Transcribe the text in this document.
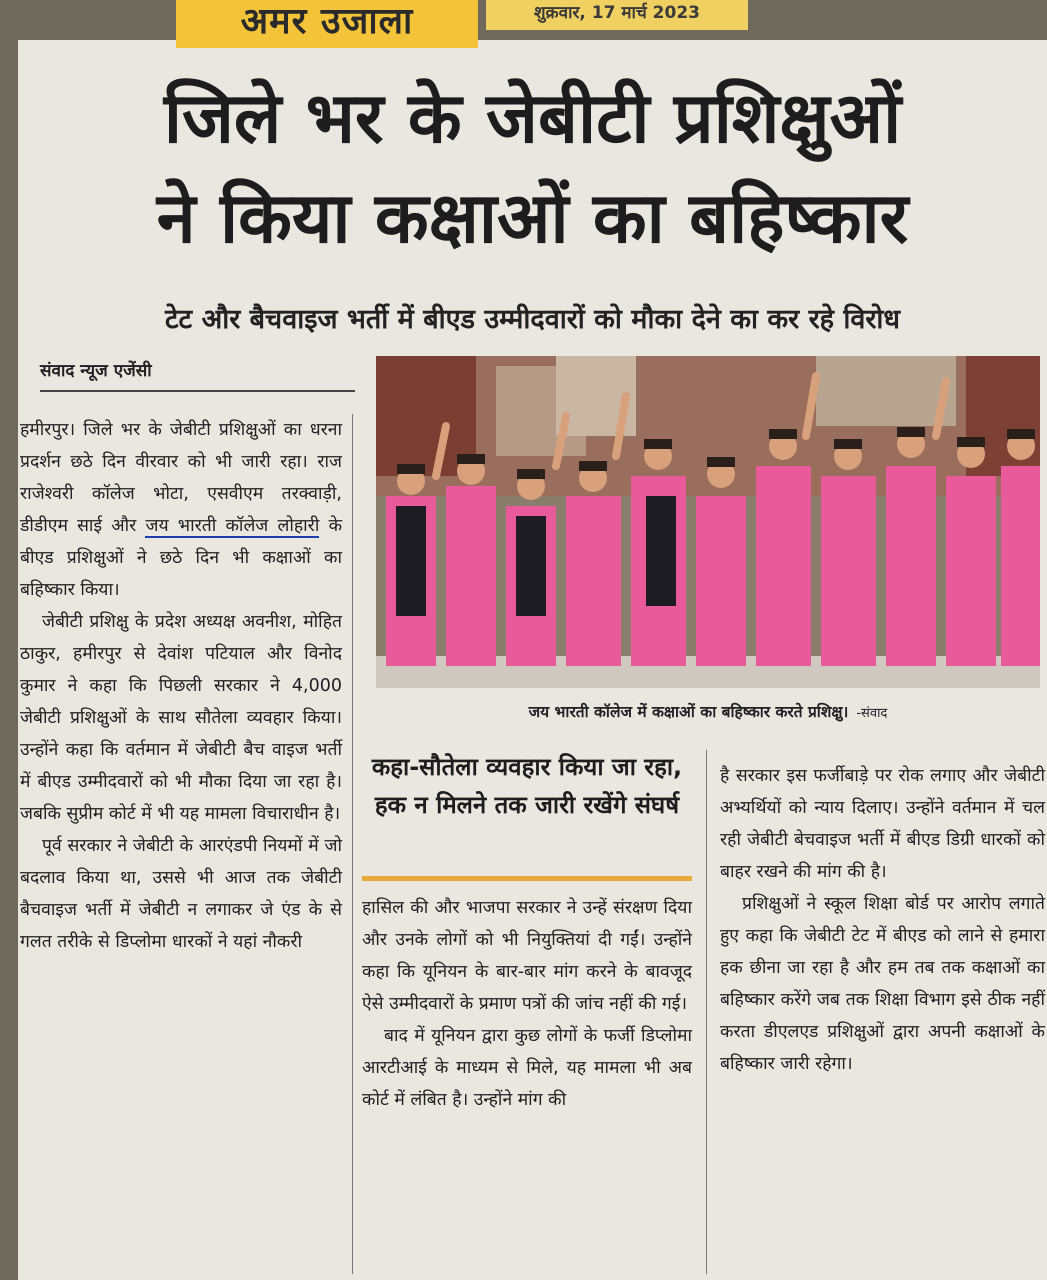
अमर उजाला	शुक्रवार, 17 मार्च 2023
जिले भर के जेबीटी प्रशिक्षुओं
ने किया कक्षाओं का बहिष्कार
टेट और बैचवाइज भर्ती में बीएड उम्मीदवारों को मौका देने का कर रहे विरोध
संवाद न्यूज एजेंसी

हमीरपुर। जिले भर के जेबीटी प्रशिक्षुओं का धरना प्रदर्शन छठे दिन वीरवार को भी जारी रहा। राज राजेश्वरी कॉलेज भोटा, एसवीएम तरक्वाड़ी, डीडीएम साई और जय भारती कॉलेज लोहारी के बीएड प्रशिक्षुओं ने छठे दिन भी कक्षाओं का बहिष्कार किया।

जेबीटी प्रशिक्षु के प्रदेश अध्यक्ष अवनीश, मोहित ठाकुर, हमीरपुर से देवांश पटियाल और विनोद कुमार ने कहा कि पिछली सरकार ने 4,000 जेबीटी प्रशिक्षुओं के साथ सौतेला व्यवहार किया। उन्होंने कहा कि वर्तमान में जेबीटी बैच वाइज भर्ती में बीएड उम्मीदवारों को भी मौका दिया जा रहा है। जबकि सुप्रीम कोर्ट में भी यह मामला विचाराधीन है।

पूर्व सरकार ने जेबीटी के आरएंडपी नियमों में जो बदलाव किया था, उससे भी आज तक जेबीटी बैचवाइज भर्ती में जेबीटी न लगाकर जे एंड के से गलत तरीके से डिप्लोमा धारकों ने यहां नौकरी

जय भारती कॉलेज में कक्षाओं का बहिष्कार करते प्रशिक्षु। -संवाद
कहा-सौतेला व्यवहार किया जा रहा, हक न मिलने तक जारी रखेंगे संघर्ष

हासिल की और भाजपा सरकार ने उन्हें संरक्षण दिया और उनके लोगों को भी नियुक्तियां दी गईं। उन्होंने कहा कि यूनियन के बार-बार मांग करने के बावजूद ऐसे उम्मीदवारों के प्रमाण पत्रों की जांच नहीं की गई।

बाद में यूनियन द्वारा कुछ लोगों के फर्जी डिप्लोमा आरटीआई के माध्यम से मिले, यह मामला भी अब कोर्ट में लंबित है। उन्होंने मांग की

है सरकार इस फर्जीबाड़े पर रोक लगाए और जेबीटी अभ्यर्थियों को न्याय दिलाए। उन्होंने वर्तमान में चल रही जेबीटी बेचवाइज भर्ती में बीएड डिग्री धारकों को बाहर रखने की मांग की है।

प्रशिक्षुओं ने स्कूल शिक्षा बोर्ड पर आरोप लगाते हुए कहा कि जेबीटी टेट में बीएड को लाने से हमारा हक छीना जा रहा है और हम तब तक कक्षाओं का बहिष्कार करेंगे जब तक शिक्षा विभाग इसे ठीक नहीं करता डीएलएड प्रशिक्षुओं द्वारा अपनी कक्षाओं के बहिष्कार जारी रहेगा।
